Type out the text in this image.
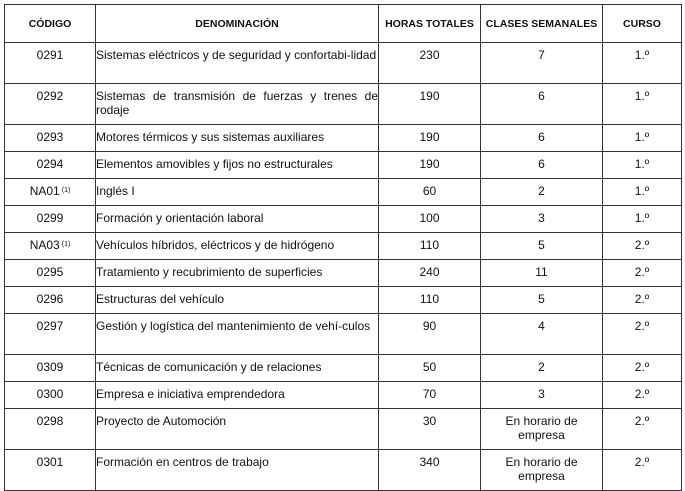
CÓDIGO	DENOMINACIÓN	HORAS TOTALES	CLASES SEMANALES	CURSO
0291	Sistemas eléctricos y de seguridad y confortabi-lidad	230	7	1.º
0292	Sistemas de transmisión de fuerzas y trenes de rodaje	190	6	1.º
0293	Motores térmicos y sus sistemas auxiliares	190	6	1.º
0294	Elementos amovibles y fijos no estructurales	190	6	1.º
NA01 $^{(1)}$	Inglés I	60	2	1.º
0299	Formación y orientación laboral	100	3	1.º
NA03 $^{(1)}$	Vehículos híbridos, eléctricos y de hidrógeno	110	5	2.º
0295	Tratamiento y recubrimiento de superficies	240	11	2.º
0296	Estructuras del vehículo	110	5	2.º
0297	Gestión y logística del mantenimiento de vehí-culos	90	4	2.º
0309	Técnicas de comunicación y de relaciones	50	2	2.º
0300	Empresa e iniciativa emprendedora	70	3	2.º
0298	Proyecto de Automoción	30	En horario de empresa	2.º
0301	Formación en centros de trabajo	340	En horario de empresa	2.º
